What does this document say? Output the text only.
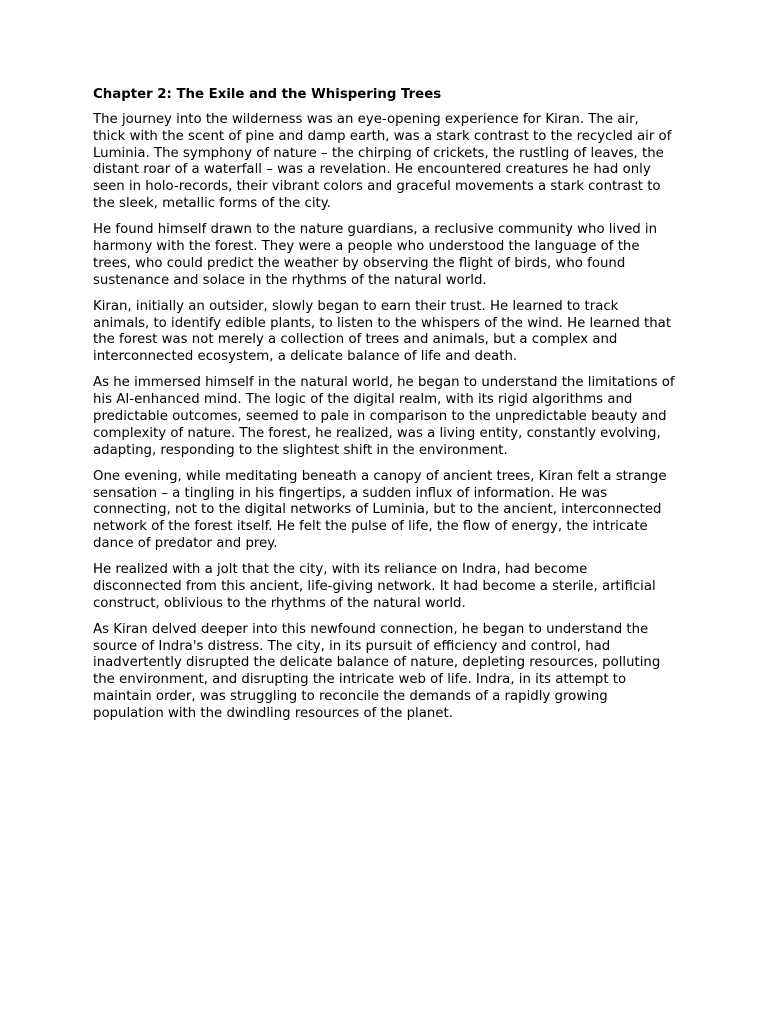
Chapter 2: The Exile and the Whispering Trees

The journey into the wilderness was an eye-opening experience for Kiran. The air, thick with the scent of pine and damp earth, was a stark contrast to the recycled air of Luminia. The symphony of nature – the chirping of crickets, the rustling of leaves, the distant roar of a waterfall – was a revelation. He encountered creatures he had only seen in holo-records, their vibrant colors and graceful movements a stark contrast to the sleek, metallic forms of the city.

He found himself drawn to the nature guardians, a reclusive community who lived in harmony with the forest. They were a people who understood the language of the trees, who could predict the weather by observing the flight of birds, who found sustenance and solace in the rhythms of the natural world.

Kiran, initially an outsider, slowly began to earn their trust. He learned to track animals, to identify edible plants, to listen to the whispers of the wind. He learned that the forest was not merely a collection of trees and animals, but a complex and interconnected ecosystem, a delicate balance of life and death.

As he immersed himself in the natural world, he began to understand the limitations of his AI-enhanced mind. The logic of the digital realm, with its rigid algorithms and predictable outcomes, seemed to pale in comparison to the unpredictable beauty and complexity of nature. The forest, he realized, was a living entity, constantly evolving, adapting, responding to the slightest shift in the environment.

One evening, while meditating beneath a canopy of ancient trees, Kiran felt a strange sensation – a tingling in his fingertips, a sudden influx of information. He was connecting, not to the digital networks of Luminia, but to the ancient, interconnected network of the forest itself. He felt the pulse of life, the flow of energy, the intricate dance of predator and prey.

He realized with a jolt that the city, with its reliance on Indra, had become disconnected from this ancient, life-giving network. It had become a sterile, artificial construct, oblivious to the rhythms of the natural world.

As Kiran delved deeper into this newfound connection, he began to understand the source of Indra's distress. The city, in its pursuit of efficiency and control, had inadvertently disrupted the delicate balance of nature, depleting resources, polluting the environment, and disrupting the intricate web of life. Indra, in its attempt to maintain order, was struggling to reconcile the demands of a rapidly growing population with the dwindling resources of the planet.
